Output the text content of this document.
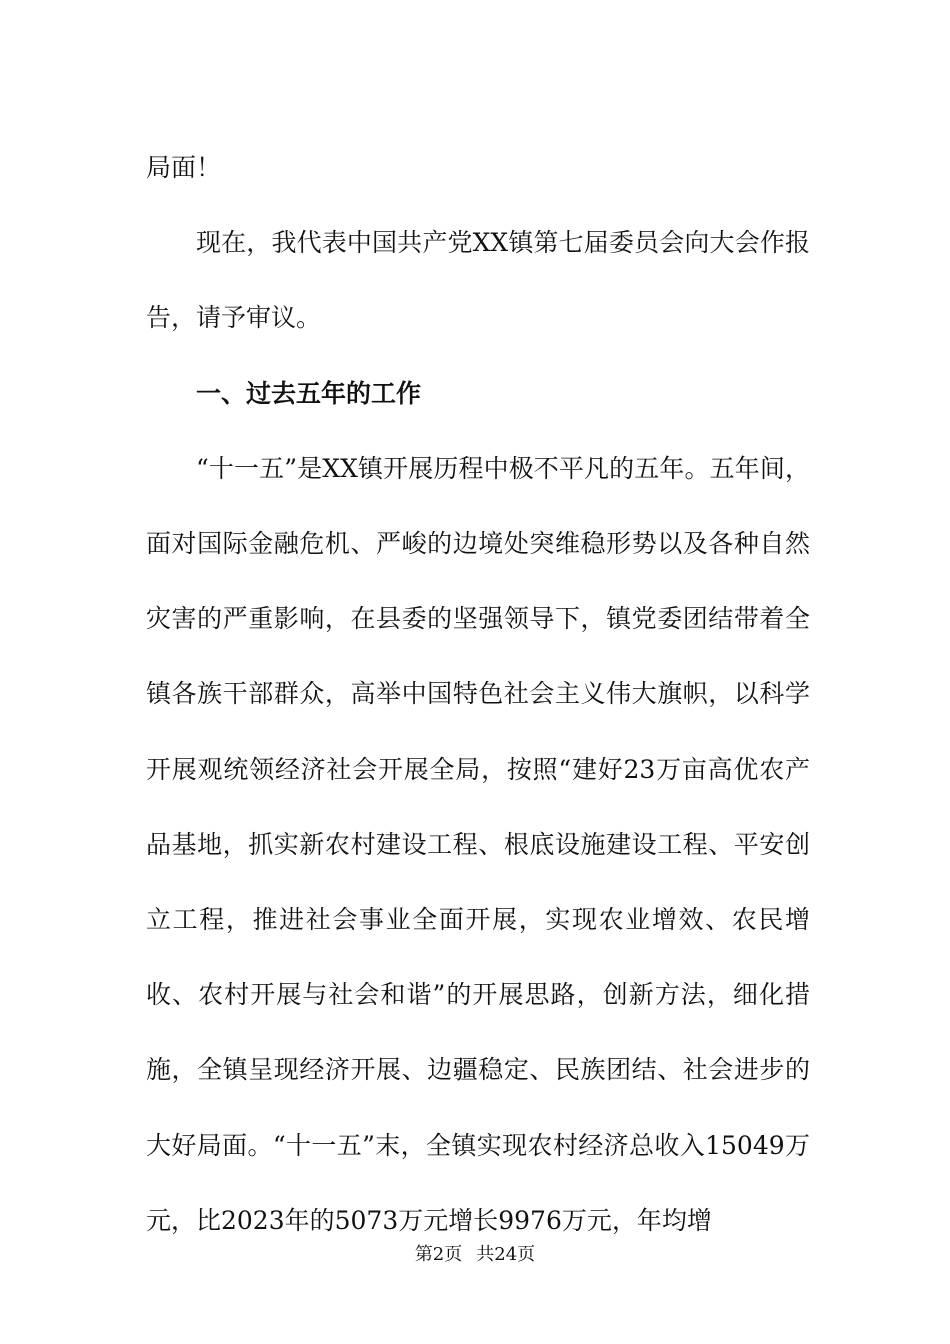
局面！

现在，我代表中国共产党XX镇第七届委员会向大会作报告，请予审议。

一、过去五年的工作

“十一五”是XX镇开展历程中极不平凡的五年。五年间，面对国际金融危机、严峻的边境处突维稳形势以及各种自然灾害的严重影响，在县委的坚强领导下，镇党委团结带着全镇各族干部群众，高举中国特色社会主义伟大旗帜，以科学开展观统领经济社会开展全局，按照“建好23万亩高优农产品基地，抓实新农村建设工程、根底设施建设工程、平安创立工程，推进社会事业全面开展，实现农业增效、农民增收、农村开展与社会和谐”的开展思路，创新方法，细化措施，全镇呈现经济开展、边疆稳定、民族团结、社会进步的大好局面。“十一五”末，全镇实现农村经济总收入15049万元，比2023年的5073万元增长9976万元，年均增

第2页 共24页
